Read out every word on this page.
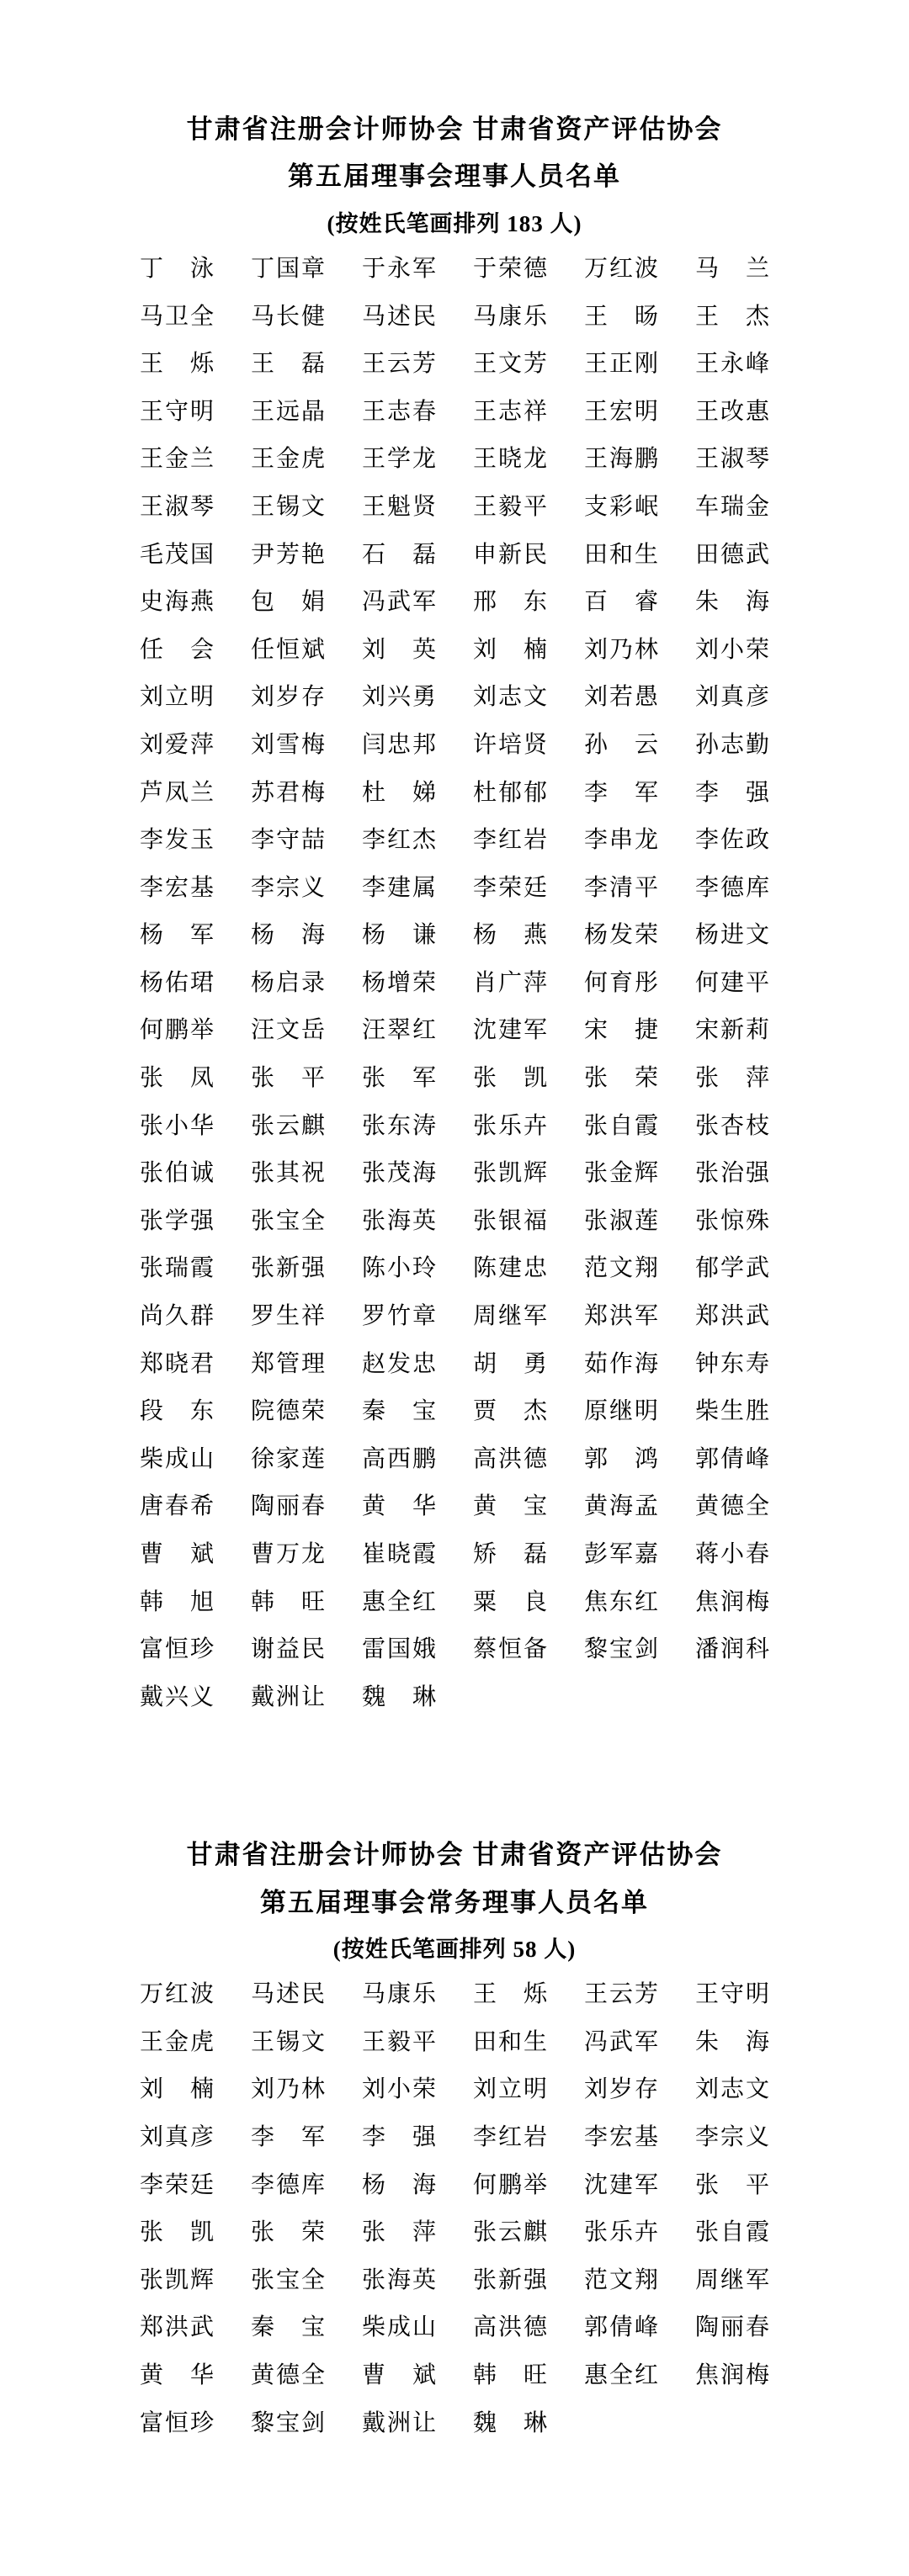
甘肃省注册会计师协会 甘肃省资产评估协会
第五届理事会理事人员名单
(按姓氏笔画排列 183 人)
丁泳 丁国章 于永军 于荣德 万红波 马兰
马卫全 马长健 马述民 马康乐 王旸 王杰
王烁 王磊 王云芳 王文芳 王正刚 王永峰
王守明 王远晶 王志春 王志祥 王宏明 王改惠
王金兰 王金虎 王学龙 王晓龙 王海鹏 王淑琴
王淑琴 王锡文 王魁贤 王毅平 支彩岷 车瑞金
毛茂国 尹芳艳 石磊 申新民 田和生 田德武
史海燕 包娟 冯武军 邢东 百睿 朱海
任会 任恒斌 刘英 刘楠 刘乃林 刘小荣
刘立明 刘岁存 刘兴勇 刘志文 刘若愚 刘真彦
刘爱萍 刘雪梅 闫忠邦 许培贤 孙云 孙志勤
芦凤兰 苏君梅 杜娣 杜郁郁 李军 李强
李发玉 李守喆 李红杰 李红岩 李串龙 李佐政
李宏基 李宗义 李建属 李荣廷 李清平 李德库
杨军 杨海 杨谦 杨燕 杨发荣 杨进文
杨佑珺 杨启录 杨增荣 肖广萍 何育彤 何建平
何鹏举 汪文岳 汪翠红 沈建军 宋捷 宋新莉
张凤 张平 张军 张凯 张荣 张萍
张小华 张云麒 张东涛 张乐卉 张自霞 张杏枝
张伯诚 张其祝 张茂海 张凯辉 张金辉 张治强
张学强 张宝全 张海英 张银福 张淑莲 张惊殊
张瑞霞 张新强 陈小玲 陈建忠 范文翔 郁学武
尚久群 罗生祥 罗竹章 周继军 郑洪军 郑洪武
郑晓君 郑管理 赵发忠 胡勇 茹作海 钟东寿
段东 院德荣 秦宝 贾杰 原继明 柴生胜
柴成山 徐家莲 高西鹏 高洪德 郭鸿 郭倩峰
唐春希 陶丽春 黄华 黄宝 黄海孟 黄德全
曹斌 曹万龙 崔晓霞 矫磊 彭军嘉 蒋小春
韩旭 韩旺 惠全红 粟良 焦东红 焦润梅
富恒珍 谢益民 雷国娥 蔡恒备 黎宝剑 潘润科
戴兴义 戴洲让 魏琳
甘肃省注册会计师协会 甘肃省资产评估协会
第五届理事会常务理事人员名单
(按姓氏笔画排列 58 人)
万红波 马述民 马康乐 王烁 王云芳 王守明
王金虎 王锡文 王毅平 田和生 冯武军 朱海
刘楠 刘乃林 刘小荣 刘立明 刘岁存 刘志文
刘真彦 李军 李强 李红岩 李宏基 李宗义
李荣廷 李德库 杨海 何鹏举 沈建军 张平
张凯 张荣 张萍 张云麒 张乐卉 张自霞
张凯辉 张宝全 张海英 张新强 范文翔 周继军
郑洪武 秦宝 柴成山 高洪德 郭倩峰 陶丽春
黄华 黄德全 曹斌 韩旺 惠全红 焦润梅
富恒珍 黎宝剑 戴洲让 魏琳
